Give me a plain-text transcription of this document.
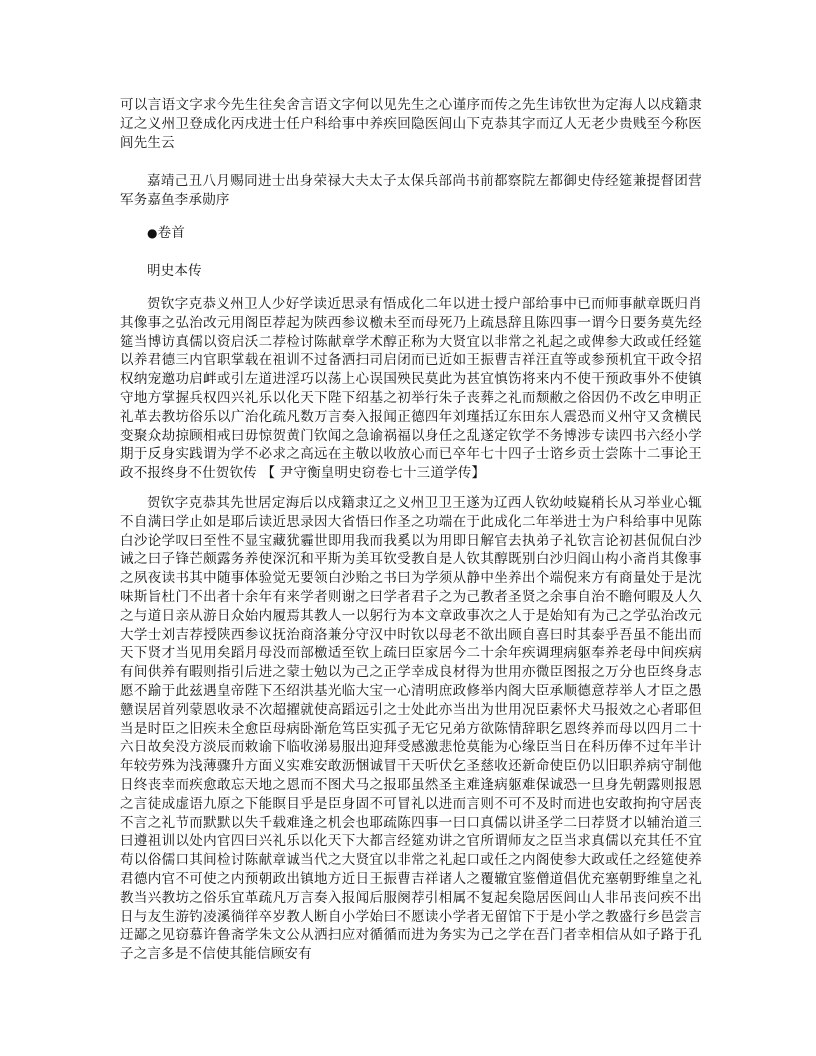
可以言语文字求今先生往矣舍言语文字何以见先生之心谨序而传之先生讳钦世为定海人以戍籍隶辽之义州卫登成化丙戌进士任户科给事中养疾回隐医闾山下克恭其字而辽人无老少贵贱至今称医闾先生云

嘉靖己丑八月赐同进士出身荣禄大夫太子太保兵部尚书前都察院左都御史侍经筵兼提督团营军务嘉鱼李承勋序

●卷首

明史本传

贺钦字克恭义州卫人少好学读近思录有悟成化二年以进士授户部给事中已而师事献章既归肖其像事之弘治改元用阁臣荐起为陕西参议檄未至而母死乃上疏恳辞且陈四事一谓今日要务莫先经筵当博访真儒以资启沃二荐检讨陈献章学术醇正称为大贤宜以非常之礼起之或俾参大政或任经筵以养君德三内官职掌载在祖训不过备洒扫司启闭而已近如王振曹吉祥汪直等或参预机宜干政令招权纳宠邀功启衅或引左道进淫巧以荡上心误国殃民莫此为甚宜慎饬将来内不使干预政事外不使镇守地方掌握兵权四兴礼乐以化天下陛下绍基之初举行朱子丧葬之礼而颓敝之俗因仍不改乞申明正礼革去教坊俗乐以广治化疏凡数万言奏入报闻正德四年刘瑾括辽东田东人震恐而义州守又贪横民变聚众劫掠顾相戒曰毋惊贺黄门钦闻之急谕祸福以身任之乱遂定钦学不务博涉专读四书六经小学期于反身实践谓为学不必求之高远在主敬以收放心而已卒年七十四子士谘乡贡士尝陈十二事论王政不报终身不仕贺钦传 【 尹守衡皇明史窃卷七十三道学传】

贺钦字克恭其先世居定海后以戍籍隶辽之义州卫卫王遂为辽西人钦幼岐嶷稍长从习举业心辄不自满曰学止如是耶后读近思录因大省悟曰作圣之功端在于此成化二年举进士为户科给事中见陈白沙论学叹曰至性不显宝藏犹霾世即用我而我奚以为用即日解官去执弟子礼钦言论初甚侃侃白沙诫之曰子锋芒颇露务养使深沉和平斯为美耳钦受教自是人钦其醇既别白沙归阎山构小斋肖其像事之夙夜读书其中随事体验觉无要领白沙贻之书曰为学须从静中坐养出个端倪来方有商量处于是沈味斯旨杜门不出者十余年有来学者则谢之曰学者君子之为己教者圣贤之余事自治不瞻何暇及人久之与道日亲从游日众始内履焉其教人一以躬行为本文章政事次之人于是始知有为己之学弘治改元大学士刘吉荐授陕西参议抚治商洛兼分守汉中时钦以母老不欲出顾自喜曰时其泰乎吾虽不能出而天下贤才当见用矣蹈月母没而部檄适至钦上疏曰臣家居今二十余年疾调理病躯奉养老母中间疾病有间供养有暇则指引后进之蒙士勉以为己之正学幸成良材得为世用亦微臣图报之万分也臣终身志愿不踰于此兹遇皇帝陛下丕绍洪基光临大宝一心清明庶政修举内阁大臣承顺德意荐举人才臣之愚戆误居首列蒙恩收录不次超擢就使高蹈远引之士处此亦当出为世用况臣素怀犬马报效之心者耶但当是时臣之旧疾未全愈臣母病卧渐危笃臣实孤子无它兄弟方欲陈情辞职乞恩终养而母以四月二十六日故矣没方淡辰而敕谕下临收涕易服出迎拜受感激悲怆莫能为心缘臣当日在科历俸不过年半计年较劳殊为浅薄骤升方面义实难安敢沥悃诚冒干天听伏乞圣慈收还新命使臣仍以旧职养病守制他日终丧幸而疾愈敢忘天地之恩而不图犬马之报耶虽然圣主难逢病躯难保诚恐一旦身先朝露则报恩之言徒成虚语九原之下能瞑目乎是臣身固不可冒礼以进而言则不可不及时而进也安敢拘拘守居丧不言之礼节而默默以失千载难逢之机会也耶疏陈四事一曰口真儒以讲圣学二曰荐贤才以辅治道三曰遵祖训以处内官四曰兴礼乐以化天下大都言经筵劝讲之官所谓师友之臣当求真儒以充其任不宜苟以俗儒口其间检讨陈献章诚当代之大贤宜以非常之礼起口或任之内阁使参大政或任之经筵使养君德内官不可使之内预朝政出镇地方近日王振曹吉祥诸人之覆辙宜鉴僧道倡优充塞朝野维皇之礼教当兴教坊之俗乐宜革疏凡万言奏入报闻后服阕荐引相属不复起矣隐居医闾山人非吊丧问疾不出日与友生游钓凌溪徜徉卒岁教人断自小学始曰不愿读小学者无留馆下于是小学之教盛行乡邑尝言迂鄙之见窃慕许鲁斋学朱文公从洒扫应对循循而进为务实为己之学在吾门者幸相信从如子路于孔子之言多是不信使其能信顾安有
